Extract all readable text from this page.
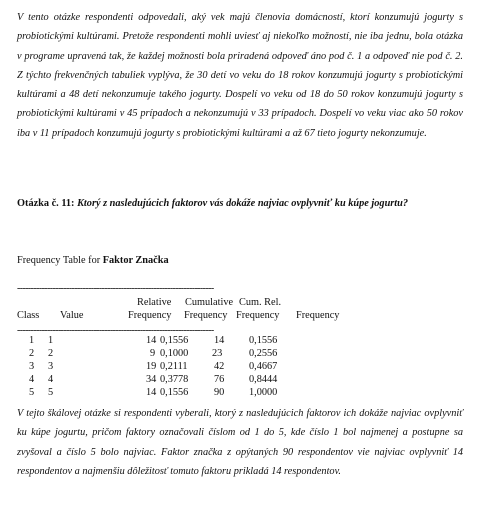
V tento otázke respondenti odpovedali, aký vek majú členovia domácností, ktorí konzumujú jogurty s probiotickými kultúrami. Pretože respondenti mohli uviesť aj niekoľko možností, nie iba jednu, bola otázka v programe upravená tak, že každej možnosti bola priradená odpoveď áno pod č. 1 a odpoveď nie pod č. 2. Z týchto frekvenčných tabuliek vyplýva, že 30 detí vo veku do 18 rokov konzumujú jogurty s probiotickými kultúrami a 48 detí nekonzumuje takého jogurty. Dospelí vo veku od 18 do 50 rokov konzumujú jogurty s probiotickými kultúrami v 45 prípadoch a nekonzumujú v 33 prípadoch. Dospelí vo veku viac ako 50 rokov iba v 11 prípadoch konzumujú jogurty s probiotickými kultúrami a až 67 tieto jogurty nekonzumuje.
Otázka č. 11: Ktorý z nasledujúcich faktorov vás dokáže najviac ovplyvniť ku kúpe jogurtu?
Frequency Table for Faktor Značka
------------------------------------------------------------------------
Relative Cumulative Cum. Rel.
Class Value	Frequency Frequency Frequency Frequency
------------------------------------------------------------------------
1 1	14 0,1556 14 0,1556
2 2	9 0,1000 23	0,2556
3 3	19 0,2111	42 0,4667
4 4	34 0,3778 76 0,8444
5 5	14 0,1556 90 1,0000
V tejto škálovej otázke si respondenti vyberali, ktorý z nasledujúcich faktorov ich dokáže najviac ovplyvniť ku kúpe jogurtu, pričom faktory označovali číslom od 1 do 5, kde číslo 1 bol najmenej a postupne sa zvyšoval a číslo 5 bolo najviac. Faktor značka z opýtaných 90 respondentov vie najviac ovplyvniť 14 respondentov a najmenšiu dôležitosť tomuto faktoru prikladá 14 respondentov.
